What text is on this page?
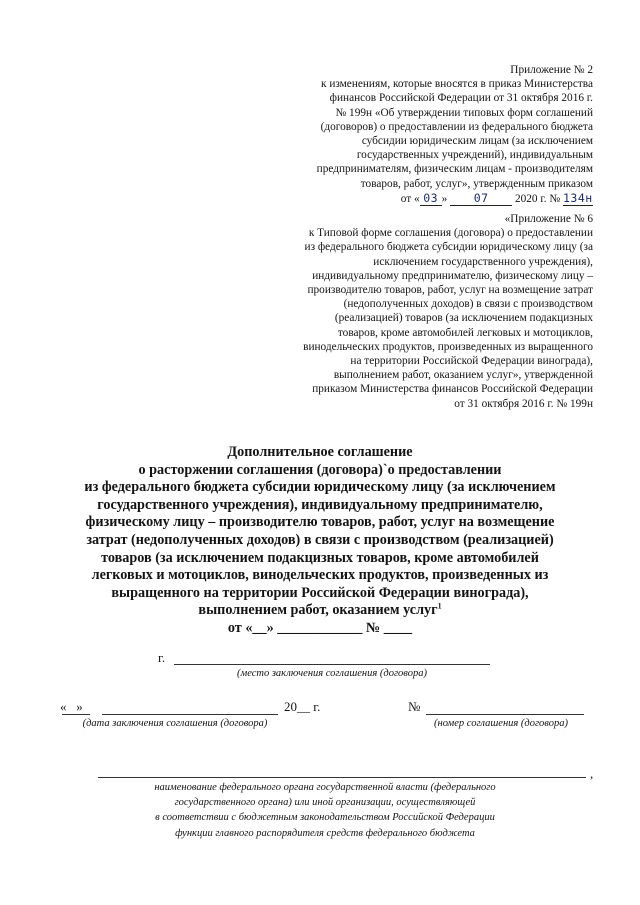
Приложение № 2
к изменениям, которые вносятся в приказ Министерства
финансов Российской Федерации от 31 октября 2016 г.
№ 199н «Об утверждении типовых форм соглашений
(договоров) о предоставлении из федерального бюджета
субсидии юридическим лицам (за исключением
государственных учреждений), индивидуальным
предпринимателям, физическим лицам - производителям
товаров, работ, услуг», утвержденным приказом
от « 03 » 07 2020 г. № 134н
«Приложение № 6
к Типовой форме соглашения (договора) о предоставлении
из федерального бюджета субсидии юридическому лицу (за
исключением государственного учреждения),
индивидуальному предпринимателю, физическому лицу –
производителю товаров, работ, услуг на возмещение затрат
(недополученных доходов) в связи с производством
(реализацией) товаров (за исключением подакцизных
товаров, кроме автомобилей легковых и мотоциклов,
винодельческих продуктов, произведенных из выращенного
на территории Российской Федерации винограда),
выполнением работ, оказанием услуг», утвержденной
приказом Министерства финансов Российской Федерации
от 31 октября 2016 г. № 199н
Дополнительное соглашение
о расторжении соглашения (договора)`о предоставлении
из федерального бюджета субсидии юридическому лицу (за исключением
государственного учреждения), индивидуальному предпринимателю,
физическому лицу – производителю товаров, работ, услуг на возмещение
затрат (недополученных доходов) в связи с производством (реализацией)
товаров (за исключением подакцизных товаров, кроме автомобилей
легковых и мотоциклов, винодельческих продуктов, произведенных из
выращенного на территории Российской Федерации винограда),
выполнением работ, оказанием услуг$^1$
от «__» ____________ № ____
г.
(место заключения соглашения (договора)
«   »	20__ г.	№
(дата заключения соглашения (договора)	(номер соглашения (договора)
,
наименование федерального органа государственной власти (федерального
государственного органа) или иной организации, осуществляющей
в соответствии с бюджетным законодательством Российской Федерации
функции главного распорядителя средств федерального бюджета
